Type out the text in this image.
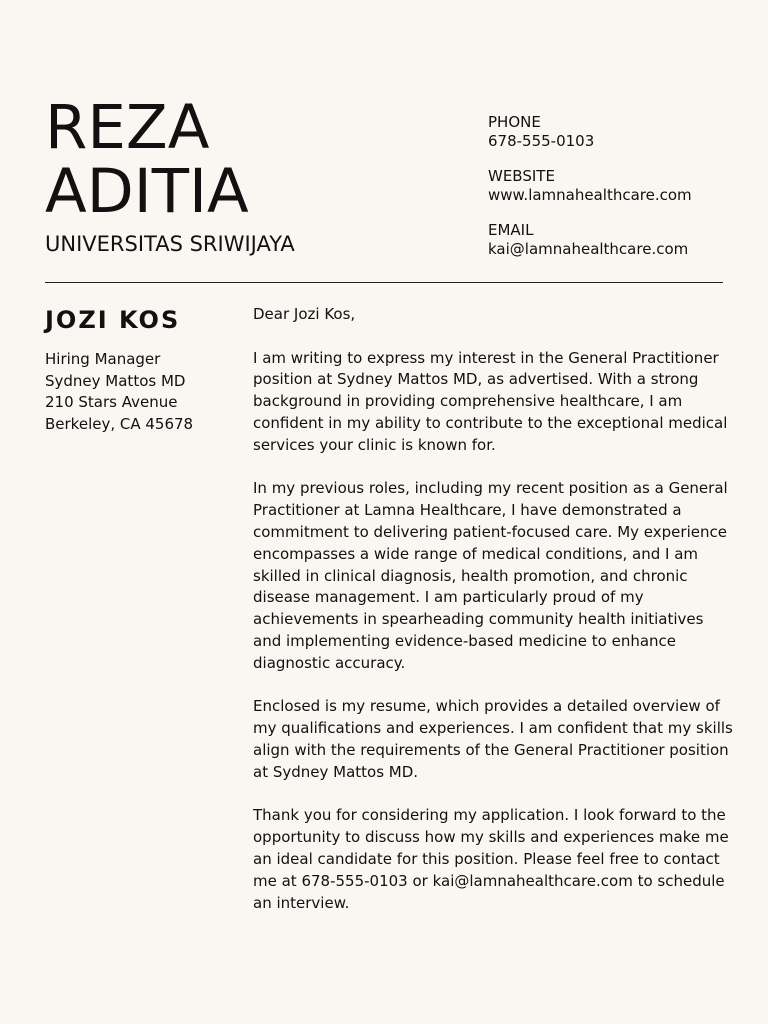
REZA
ADITIA
UNIVERSITAS SRIWIJAYA
PHONE
678-555-0103
WEBSITE
www.lamnahealthcare.com
EMAIL
kai@lamnahealthcare.com
JOZI KOS
Hiring Manager
Sydney Mattos MD
210 Stars Avenue
Berkeley, CA 45678

Dear Jozi Kos,

I am writing to express my interest in the General Practitioner position at Sydney Mattos MD, as advertised. With a strong background in providing comprehensive healthcare, I am confident in my ability to contribute to the exceptional medical services your clinic is known for.

In my previous roles, including my recent position as a General Practitioner at Lamna Healthcare, I have demonstrated a commitment to delivering patient-focused care. My experience encompasses a wide range of medical conditions, and I am skilled in clinical diagnosis, health promotion, and chronic disease management. I am particularly proud of my achievements in spearheading community health initiatives and implementing evidence-based medicine to enhance diagnostic accuracy.

Enclosed is my resume, which provides a detailed overview of my qualifications and experiences. I am confident that my skills align with the requirements of the General Practitioner position at Sydney Mattos MD.

Thank you for considering my application. I look forward to the opportunity to discuss how my skills and experiences make me an ideal candidate for this position. Please feel free to contact me at 678-555-0103 or kai@lamnahealthcare.com to schedule an interview.
